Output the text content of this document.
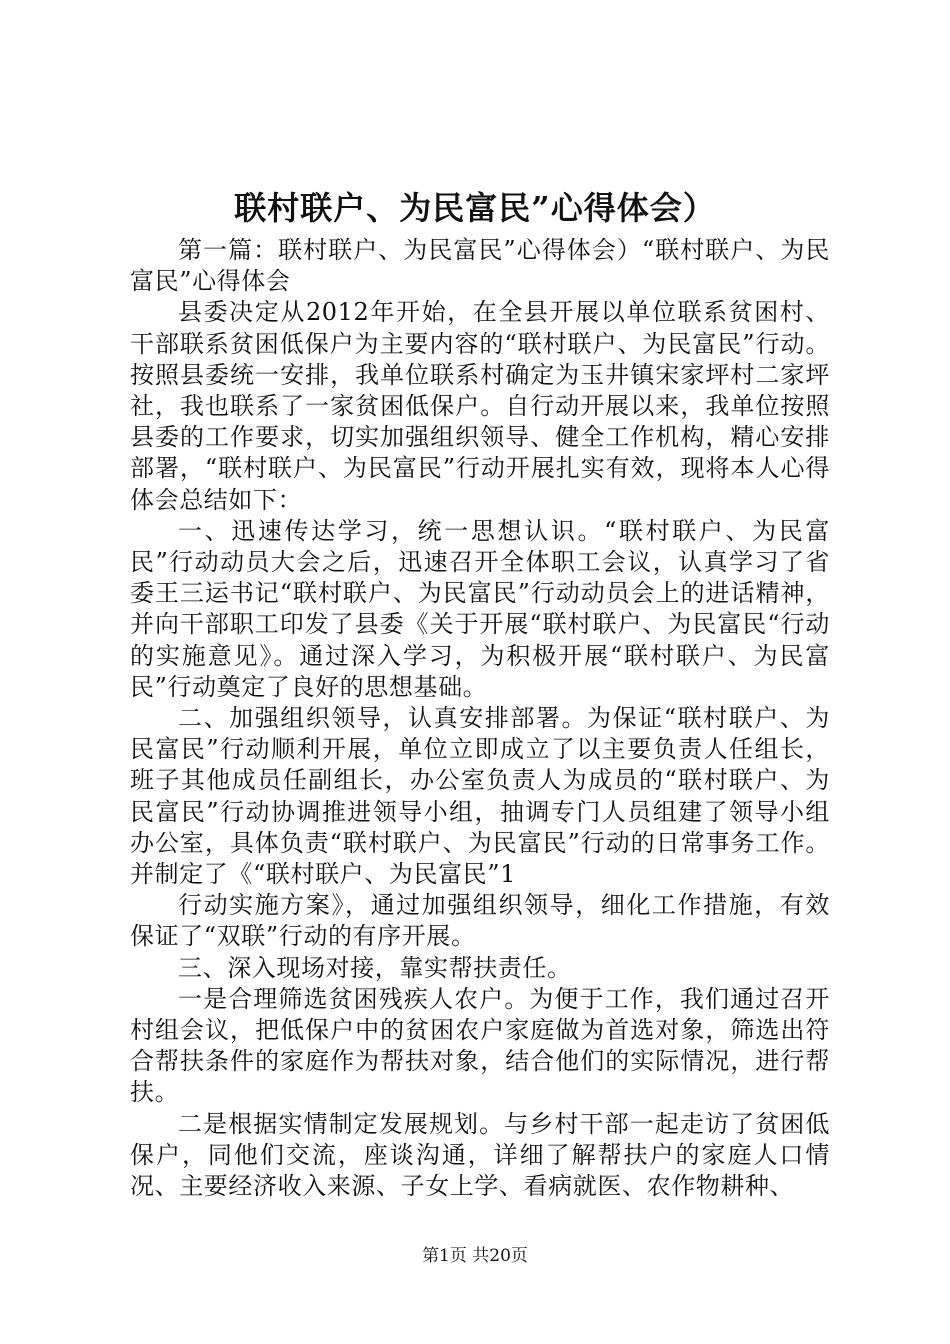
联村联户、为民富民”心得体会）

第一篇：联村联户、为民富民”心得体会）“联村联户、为民富民”心得体会

县委决定从2012年开始，在全县开展以单位联系贫困村、干部联系贫困低保户为主要内容的“联村联户、为民富民”行动。按照县委统一安排，我单位联系村确定为玉井镇宋家坪村二家坪社，我也联系了一家贫困低保户。自行动开展以来，我单位按照县委的工作要求，切实加强组织领导、健全工作机构，精心安排部署，“联村联户、为民富民”行动开展扎实有效，现将本人心得体会总结如下：

一、迅速传达学习，统一思想认识。“联村联户、为民富民”行动动员大会之后，迅速召开全体职工会议，认真学习了省委王三运书记“联村联户、为民富民”行动动员会上的进话精神，并向干部职工印发了县委《关于开展“联村联户、为民富民“行动的实施意见》。通过深入学习，为积极开展“联村联户、为民富民”行动奠定了良好的思想基础。

二、加强组织领导，认真安排部署。为保证“联村联户、为民富民”行动顺利开展，单位立即成立了以主要负责人任组长，班子其他成员任副组长，办公室负责人为成员的“联村联户、为民富民”行动协调推进领导小组，抽调专门人员组建了领导小组办公室，具体负责“联村联户、为民富民”行动的日常事务工作。并制定了《“联村联户、为民富民”1

行动实施方案》，通过加强组织领导，细化工作措施，有效保证了“双联”行动的有序开展。

三、深入现场对接，靠实帮扶责任。

一是合理筛选贫困残疾人农户。为便于工作，我们通过召开村组会议，把低保户中的贫困农户家庭做为首选对象，筛选出符合帮扶条件的家庭作为帮扶对象，结合他们的实际情况，进行帮扶。

二是根据实情制定发展规划。与乡村干部一起走访了贫困低保户，同他们交流，座谈沟通，详细了解帮扶户的家庭人口情况、主要经济收入来源、子女上学、看病就医、农作物耕种、

第1页 共20页
